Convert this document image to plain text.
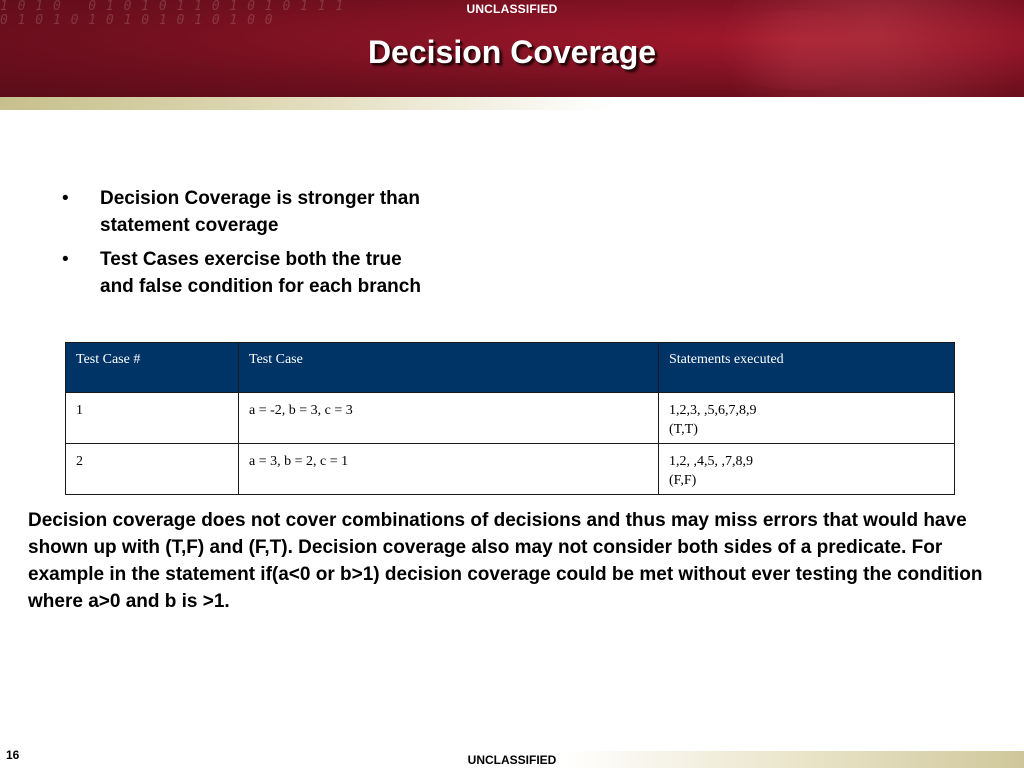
1 0 1 0   0 1 0 1 0 1 1 0 1 0 1 0 1 1 1
0 1 0 1 0 1 0 1 0 1 0 1 0 1 0 0
UNCLASSIFIED
Decision Coverage
• Decision Coverage is stronger than
statement coverage
• Test Cases exercise both the true
and false condition for each branch
Test Case #	Test Case	Statements executed
1	a = -2, b = 3, c = 3	1,2,3, ,5,6,7,8,9
(T,T)
2	a = 3, b = 2, c = 1	1,2, ,4,5, ,7,8,9
(F,F)
Decision coverage does not cover combinations of decisions and thus may miss errors that would have shown up with (T,F) and (F,T). Decision coverage also may not consider both sides of a predicate. For example in the statement if(a<0 or b>1) decision coverage could be met without ever testing the condition where a>0 and b is >1.
16	UNCLASSIFIED
